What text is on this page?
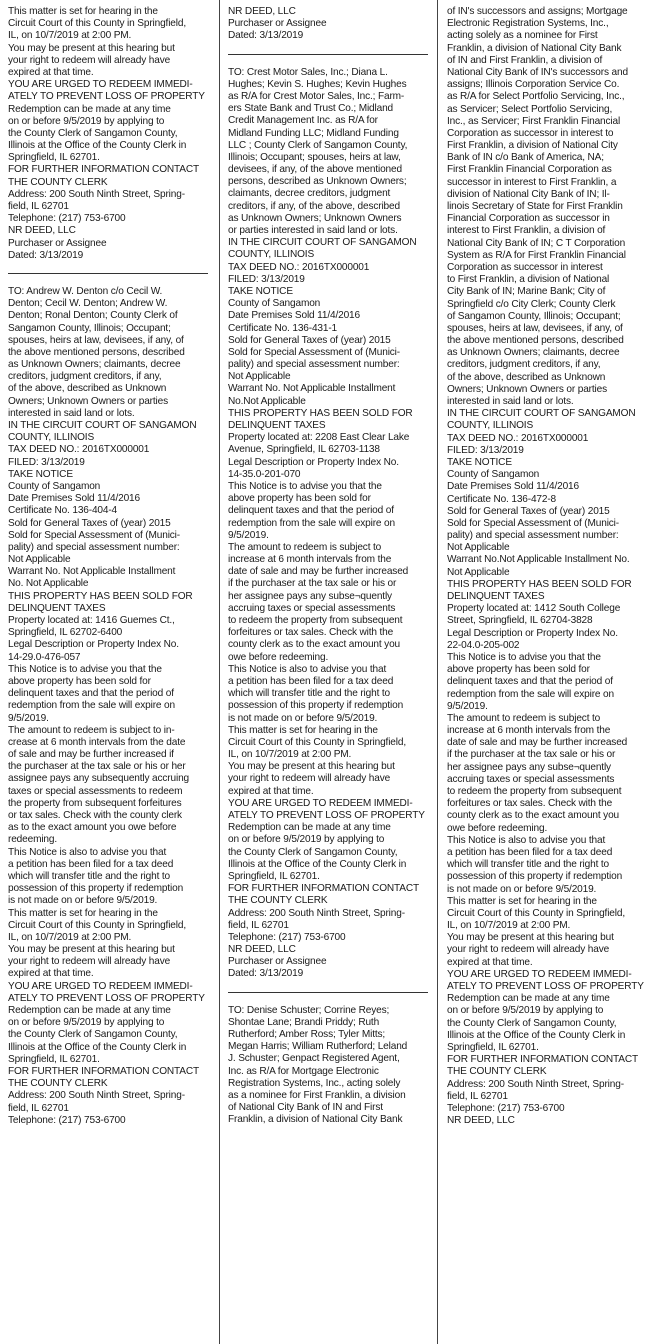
This matter is set for hearing in the
Circuit Court of this County in Springfield,
IL, on 10/7/2019 at 2:00 PM.
You may be present at this hearing but
your right to redeem will already have
expired at that time.
YOU ARE URGED TO REDEEM IMMEDI-
ATELY TO PREVENT LOSS OF PROPERTY
Redemption can be made at any time
on or before 9/5/2019 by applying to
the County Clerk of Sangamon County,
Illinois at the Office of the County Clerk in
Springfield, IL 62701.
FOR FURTHER INFORMATION CONTACT
THE COUNTY CLERK
Address: 200 South Ninth Street, Spring-
field, IL 62701
Telephone: (217) 753-6700
NR DEED, LLC
Purchaser or Assignee
Dated: 3/13/2019
TO: Andrew W. Denton c/o Cecil W.
Denton; Cecil W. Denton; Andrew W.
Denton; Ronal Denton; County Clerk of
Sangamon County, Illinois; Occupant;
spouses, heirs at law, devisees, if any, of
the above mentioned persons, described
as Unknown Owners; claimants, decree
creditors, judgment creditors, if any,
of the above, described as Unknown
Owners; Unknown Owners or parties
interested in said land or lots.
IN THE CIRCUIT COURT OF SANGAMON
COUNTY, ILLINOIS
TAX DEED NO.: 2016TX000001
FILED: 3/13/2019
TAKE NOTICE
County of Sangamon
Date Premises Sold 11/4/2016
Certificate No. 136-404-4
Sold for General Taxes of (year) 2015
Sold for Special Assessment of (Munici-
pality) and special assessment number:
Not Applicable
Warrant No. Not Applicable Installment
No. Not Applicable
THIS PROPERTY HAS BEEN SOLD FOR
DELINQUENT TAXES
Property located at: 1416 Guemes Ct.,
Springfield, IL 62702-6400
Legal Description or Property Index No.
14-29.0-476-057
This Notice is to advise you that the
above property has been sold for
delinquent taxes and that the period of
redemption from the sale will expire on
9/5/2019.
The amount to redeem is subject to in-
crease at 6 month intervals from the date
of sale and may be further increased if
the purchaser at the tax sale or his or her
assignee pays any subsequently accruing
taxes or special assessments to redeem
the property from subsequent forfeitures
or tax sales. Check with the county clerk
as to the exact amount you owe before
redeeming.
This Notice is also to advise you that
a petition has been filed for a tax deed
which will transfer title and the right to
possession of this property if redemption
is not made on or before 9/5/2019.
This matter is set for hearing in the
Circuit Court of this County in Springfield,
IL, on 10/7/2019 at 2:00 PM.
You may be present at this hearing but
your right to redeem will already have
expired at that time.
YOU ARE URGED TO REDEEM IMMEDI-
ATELY TO PREVENT LOSS OF PROPERTY
Redemption can be made at any time
on or before 9/5/2019 by applying to
the County Clerk of Sangamon County,
Illinois at the Office of the County Clerk in
Springfield, IL 62701.
FOR FURTHER INFORMATION CONTACT
THE COUNTY CLERK
Address: 200 South Ninth Street, Spring-
field, IL 62701
Telephone: (217) 753-6700
NR DEED, LLC
Purchaser or Assignee
Dated: 3/13/2019
TO: Crest Motor Sales, Inc.; Diana L.
Hughes; Kevin S. Hughes; Kevin Hughes
as R/A for Crest Motor Sales, Inc.; Farm-
ers State Bank and Trust Co.; Midland
Credit Management Inc. as R/A for
Midland Funding LLC; Midland Funding
LLC ; County Clerk of Sangamon County,
Illinois; Occupant; spouses, heirs at law,
devisees, if any, of the above mentioned
persons, described as Unknown Owners;
claimants, decree creditors, judgment
creditors, if any, of the above, described
as Unknown Owners; Unknown Owners
or parties interested in said land or lots.
IN THE CIRCUIT COURT OF SANGAMON
COUNTY, ILLINOIS
TAX DEED NO.: 2016TX000001
FILED: 3/13/2019
TAKE NOTICE
County of Sangamon
Date Premises Sold 11/4/2016
Certificate No. 136-431-1
Sold for General Taxes of (year) 2015
Sold for Special Assessment of (Munici-
pality) and special assessment number:
Not Applicable
Warrant No. Not Applicable Installment
No.Not Applicable
THIS PROPERTY HAS BEEN SOLD FOR
DELINQUENT TAXES
Property located at: 2208 East Clear Lake
Avenue, Springfield, IL 62703-1138
Legal Description or Property Index No.
14-35.0-201-070
This Notice is to advise you that the
above property has been sold for
delinquent taxes and that the period of
redemption from the sale will expire on
9/5/2019.
The amount to redeem is subject to
increase at 6 month intervals from the
date of sale and may be further increased
if the purchaser at the tax sale or his or
her assignee pays any subse¬quently
accruing taxes or special assessments
to redeem the property from subsequent
forfeitures or tax sales. Check with the
county clerk as to the exact amount you
owe before redeeming.
This Notice is also to advise you that
a petition has been filed for a tax deed
which will transfer title and the right to
possession of this property if redemption
is not made on or before 9/5/2019.
This matter is set for hearing in the
Circuit Court of this County in Springfield,
IL, on 10/7/2019 at 2:00 PM.
You may be present at this hearing but
your right to redeem will already have
expired at that time.
YOU ARE URGED TO REDEEM IMMEDI-
ATELY TO PREVENT LOSS OF PROPERTY
Redemption can be made at any time
on or before 9/5/2019 by applying to
the County Clerk of Sangamon County,
Illinois at the Office of the County Clerk in
Springfield, IL 62701.
FOR FURTHER INFORMATION CONTACT
THE COUNTY CLERK
Address: 200 South Ninth Street, Spring-
field, IL 62701
Telephone: (217) 753-6700
NR DEED, LLC
Purchaser or Assignee
Dated: 3/13/2019
TO: Denise Schuster; Corrine Reyes;
Shontae Lane; Brandi Priddy; Ruth
Rutherford; Amber Ross; Tyler Mitts;
Megan Harris; William Rutherford; Leland
J. Schuster; Genpact Registered Agent,
Inc. as R/A for Mortgage Electronic
Registration Systems, Inc., acting solely
as a nominee for First Franklin, a division
of National City Bank of IN and First
Franklin, a division of National City Bank
of IN's successors and assigns; Mortgage
Electronic Registration Systems, Inc.,
acting solely as a nominee for First
Franklin, a division of National City Bank
of IN and First Franklin, a division of
National City Bank of IN's successors and
assigns; Illinois Corporation Service Co.
as R/A for Select Portfolio Servicing, Inc.,
as Servicer; Select Portfolio Servicing,
Inc., as Servicer; First Franklin Financial
Corporation as successor in interest to
First Franklin, a division of National City
Bank of IN c/o Bank of America, NA;
First Franklin Financial Corporation as
successor in interest to First Franklin, a
division of National City Bank of IN; Il-
linois Secretary of State for First Franklin
Financial Corporation as successor in
interest to First Franklin, a division of
National City Bank of IN; C T Corporation
System as R/A for First Franklin Financial
Corporation as successor in interest
to First Franklin, a division of National
City Bank of IN; Marine Bank; City of
Springfield c/o City Clerk; County Clerk
of Sangamon County, Illinois; Occupant;
spouses, heirs at law, devisees, if any, of
the above mentioned persons, described
as Unknown Owners; claimants, decree
creditors, judgment creditors, if any,
of the above, described as Unknown
Owners; Unknown Owners or parties
interested in said land or lots.
IN THE CIRCUIT COURT OF SANGAMON
COUNTY, ILLINOIS
TAX DEED NO.: 2016TX000001
FILED: 3/13/2019
TAKE NOTICE
County of Sangamon
Date Premises Sold 11/4/2016
Certificate No. 136-472-8
Sold for General Taxes of (year) 2015
Sold for Special Assessment of (Munici-
pality) and special assessment number:
Not Applicable
Warrant No.Not Applicable Installment No.
Not Applicable
THIS PROPERTY HAS BEEN SOLD FOR
DELINQUENT TAXES
Property located at: 1412 South College
Street, Springfield, IL 62704-3828
Legal Description or Property Index No.
22-04.0-205-002
This Notice is to advise you that the
above property has been sold for
delinquent taxes and that the period of
redemption from the sale will expire on
9/5/2019.
The amount to redeem is subject to
increase at 6 month intervals from the
date of sale and may be further increased
if the purchaser at the tax sale or his or
her assignee pays any subse¬quently
accruing taxes or special assessments
to redeem the property from subsequent
forfeitures or tax sales. Check with the
county clerk as to the exact amount you
owe before redeeming.
This Notice is also to advise you that
a petition has been filed for a tax deed
which will transfer title and the right to
possession of this property if redemption
is not made on or before 9/5/2019.
This matter is set for hearing in the
Circuit Court of this County in Springfield,
IL, on 10/7/2019 at 2:00 PM.
You may be present at this hearing but
your right to redeem will already have
expired at that time.
YOU ARE URGED TO REDEEM IMMEDI-
ATELY TO PREVENT LOSS OF PROPERTY
Redemption can be made at any time
on or before 9/5/2019 by applying to
the County Clerk of Sangamon County,
Illinois at the Office of the County Clerk in
Springfield, IL 62701.
FOR FURTHER INFORMATION CONTACT
THE COUNTY CLERK
Address: 200 South Ninth Street, Spring-
field, IL 62701
Telephone: (217) 753-6700
NR DEED, LLC
